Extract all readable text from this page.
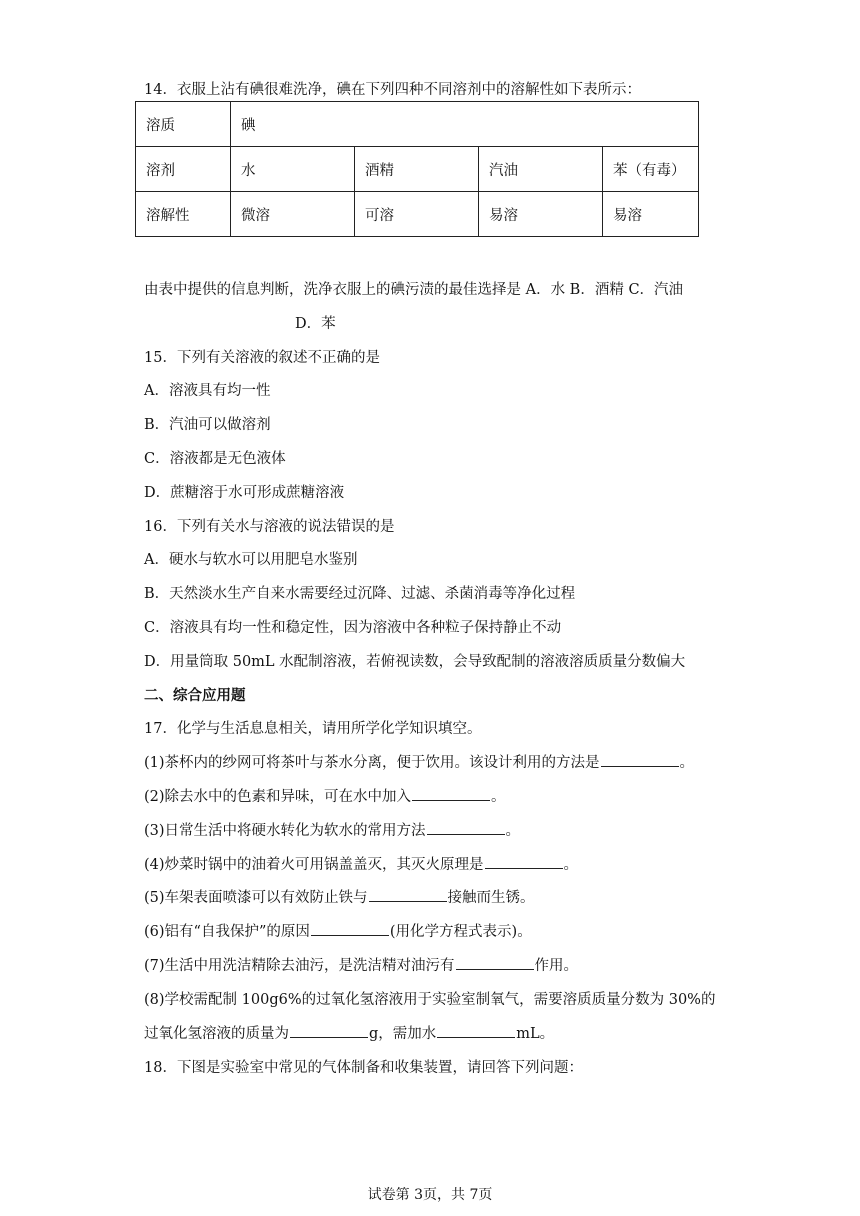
14．衣服上沾有碘很难洗净，碘在下列四种不同溶剂中的溶解性如下表所示：
溶质	碘			
溶剂	水	酒精	汽油	苯（有毒）
溶解性	微溶	可溶	易溶	易溶
由表中提供的信息判断，洗净衣服上的碘污渍的最佳选择是 A．水 B．酒精 C．汽油
D．苯
15．下列有关溶液的叙述不正确的是
A．溶液具有均一性
B．汽油可以做溶剂
C．溶液都是无色液体
D．蔗糖溶于水可形成蔗糖溶液
16．下列有关水与溶液的说法错误的是
A．硬水与软水可以用肥皂水鉴别
B．天然淡水生产自来水需要经过沉降、过滤、杀菌消毒等净化过程
C．溶液具有均一性和稳定性，因为溶液中各种粒子保持静止不动
D．用量筒取 50mL 水配制溶液，若俯视读数，会导致配制的溶液溶质质量分数偏大
二、综合应用题
17．化学与生活息息相关，请用所学化学知识填空。
(1)茶杯内的纱网可将茶叶与茶水分离，便于饮用。该设计利用的方法是	。
(2)除去水中的色素和异味，可在水中加入	。
(3)日常生活中将硬水转化为软水的常用方法	。
(4)炒菜时锅中的油着火可用锅盖盖灭，其灭火原理是	。
(5)车架表面喷漆可以有效防止铁与	接触而生锈。
(6)铝有“自我保护”的原因	(用化学方程式表示)。
(7)生活中用洗洁精除去油污，是洗洁精对油污有	作用。
(8)学校需配制 100g6%的过氧化氢溶液用于实验室制氧气，需要溶质质量分数为 30%的
过氧化氢溶液的质量为	g，需加水	mL。
18．下图是实验室中常见的气体制备和收集装置，请回答下列问题：
试卷第 3页，共 7页
